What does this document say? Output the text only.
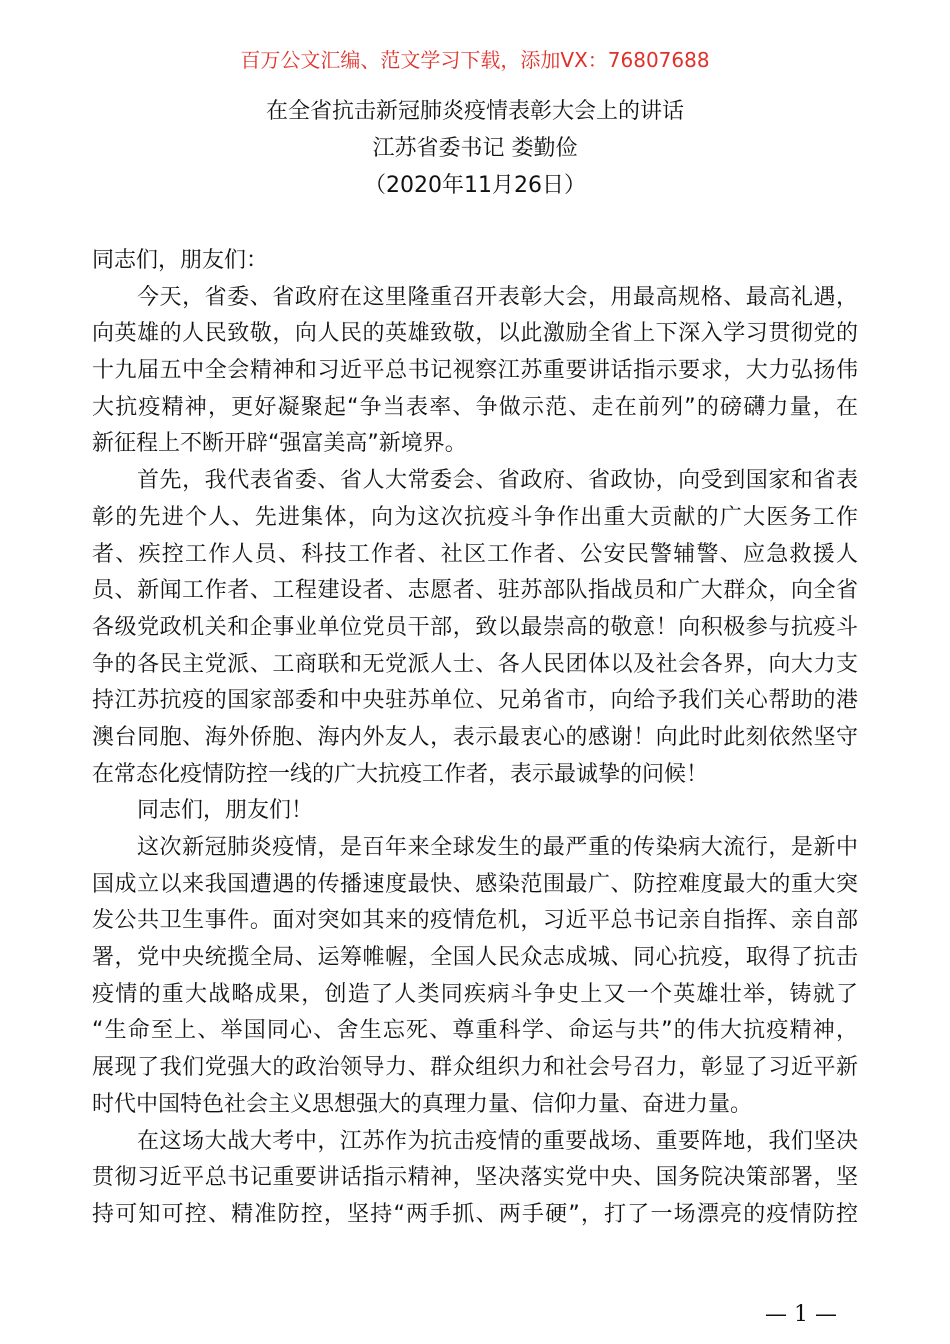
百万公文汇编、范文学习下载，添加VX：76807688
在全省抗击新冠肺炎疫情表彰大会上的讲话
江苏省委书记 娄勤俭
（2020年11月26日）
同志们，朋友们：
今天，省委、省政府在这里隆重召开表彰大会，用最高规格、最高礼遇，
向英雄的人民致敬，向人民的英雄致敬，以此激励全省上下深入学习贯彻党的
十九届五中全会精神和习近平总书记视察江苏重要讲话指示要求，大力弘扬伟
大抗疫精神，更好凝聚起“争当表率、争做示范、走在前列”的磅礴力量，在
新征程上不断开辟“强富美高”新境界。
首先，我代表省委、省人大常委会、省政府、省政协，向受到国家和省表
彰的先进个人、先进集体，向为这次抗疫斗争作出重大贡献的广大医务工作
者、疾控工作人员、科技工作者、社区工作者、公安民警辅警、应急救援人
员、新闻工作者、工程建设者、志愿者、驻苏部队指战员和广大群众，向全省
各级党政机关和企事业单位党员干部，致以最崇高的敬意！向积极参与抗疫斗
争的各民主党派、工商联和无党派人士、各人民团体以及社会各界，向大力支
持江苏抗疫的国家部委和中央驻苏单位、兄弟省市，向给予我们关心帮助的港
澳台同胞、海外侨胞、海内外友人，表示最衷心的感谢！向此时此刻依然坚守
在常态化疫情防控一线的广大抗疫工作者，表示最诚挚的问候！
同志们，朋友们！
这次新冠肺炎疫情，是百年来全球发生的最严重的传染病大流行，是新中
国成立以来我国遭遇的传播速度最快、感染范围最广、防控难度最大的重大突
发公共卫生事件。面对突如其来的疫情危机，习近平总书记亲自指挥、亲自部
署，党中央统揽全局、运筹帷幄，全国人民众志成城、同心抗疫，取得了抗击
疫情的重大战略成果，创造了人类同疾病斗争史上又一个英雄壮举，铸就了
“生命至上、举国同心、舍生忘死、尊重科学、命运与共”的伟大抗疫精神，
展现了我们党强大的政治领导力、群众组织力和社会号召力，彰显了习近平新
时代中国特色社会主义思想强大的真理力量、信仰力量、奋进力量。
在这场大战大考中，江苏作为抗击疫情的重要战场、重要阵地，我们坚决
贯彻习近平总书记重要讲话指示精神，坚决落实党中央、国务院决策部署，坚
持可知可控、精准防控，坚持“两手抓、两手硬”，打了一场漂亮的疫情防控
— 1 —
